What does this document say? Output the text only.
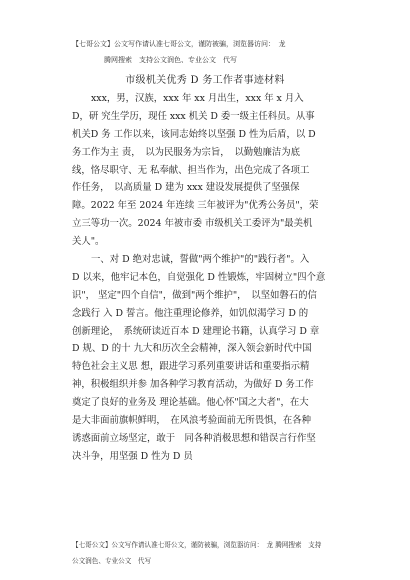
【七哥公文】公文写作请认准七哥公文，谨防被骗，浏览器访问：　龙
腾网搜索　支持公文润色、专业公文　代写
市级机关优秀 D 务工作者事迹材料
xxx，男，汉族，xxx 年 xx 月出生，xxx 年 x 月入
D，研 究生学历，现任 xxx 机关 D 委一级主任科员。从事
机关D 务 工作以来，该同志始终以坚强 D 性为后盾，以 D
务工作为主 责，　以为民服务为宗旨，　以勤勉廉洁为底
线，恪尽职守、无 私奉献、担当作为，出色完成了各项工
作任务，　以高质量 D 建为 xxx 建设发展提供了坚强保
障。2022 年至 2024 年连续 三年被评为"优秀公务员"，荣
立三等功一次。2024 年被市委 市级机关工委评为"最美机
关人"。
一、对 D 绝对忠诚，誓做"两个维护"的"践行者"。入
D 以来，他牢记本色，自觉强化 D 性锻炼，牢固树立"四个意
识"， 坚定"四个自信"，做到"两个维护"，　以坚如磐石的信
念践行 入 D 誓言。他注重理论修养，如饥似渴学习 D 的
创新理论，　系统研读近百本 D 建理论书籍，认真学习 D 章
D 规、D 的十 九大和历次全会精神，深入领会新时代中国
特色社会主义思 想，跟进学习系列重要讲话和重要指示精
神，积极组织并参 加各种学习教育活动，为做好 D 务工作
奠定了良好的业务及 理论基础。他心怀"国之大者"，在大
是大非面前旗帜鲜明，　在风浪考验面前无所畏惧，在各种
诱惑面前立场坚定，敢于　同各种消极思想和错误言行作坚
决斗争，用坚强 D 性为 D 员
【七哥公文】公文写作请认准七哥公文，谨防被骗，浏览器访问：　龙 腾网搜索　支持
公文润色、专业公文　代写
